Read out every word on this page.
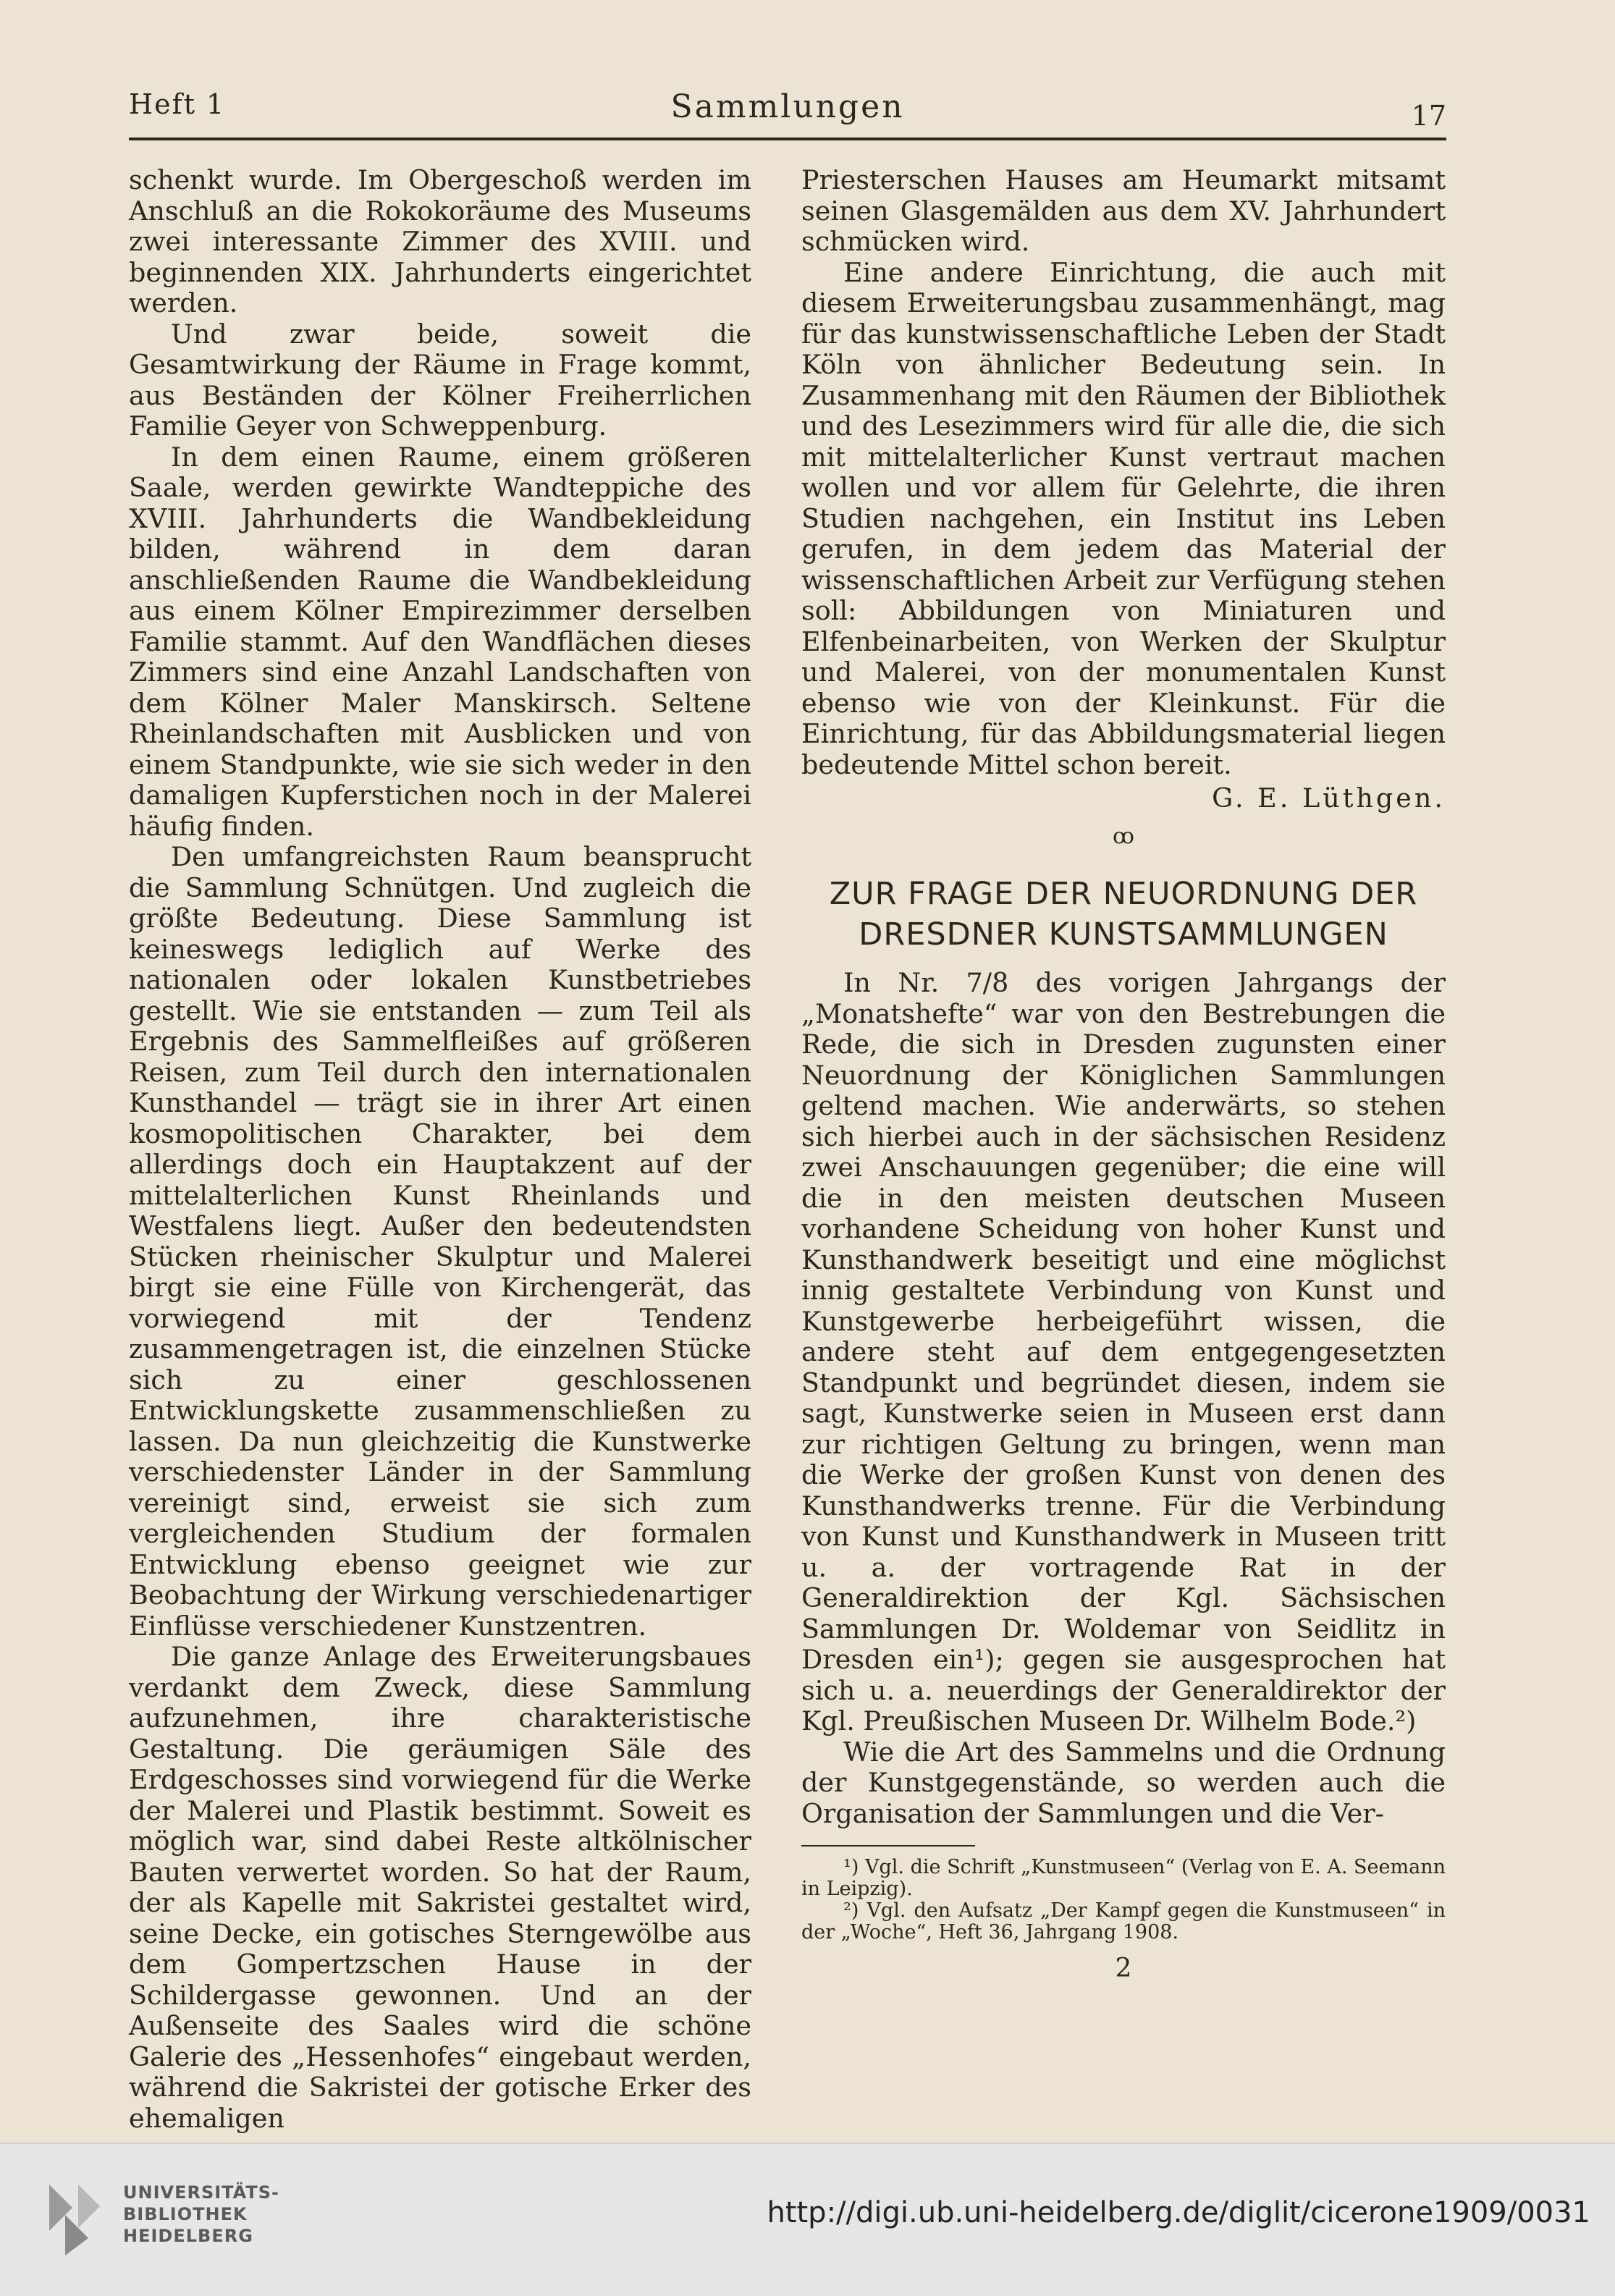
Heft 1	Sammlungen	17

schenkt wurde. Im Obergeschoß werden im Anschluß an die Rokokoräume des Museums zwei interessante Zimmer des XVIII. und beginnenden XIX. Jahrhunderts eingerichtet werden.

Und zwar beide, soweit die Gesamtwirkung der Räume in Frage kommt, aus Beständen der Kölner Freiherrlichen Familie Geyer von Schweppenburg.

In dem einen Raume, einem größeren Saale, werden gewirkte Wandteppiche des XVIII. Jahrhunderts die Wandbekleidung bilden, während in dem daran anschließenden Raume die Wandbekleidung aus einem Kölner Empirezimmer derselben Familie stammt. Auf den Wandflächen dieses Zimmers sind eine Anzahl Landschaften von dem Kölner Maler Manskirsch. Seltene Rheinlandschaften mit Ausblicken und von einem Standpunkte, wie sie sich weder in den damaligen Kupferstichen noch in der Malerei häufig finden.

Den umfangreichsten Raum beansprucht die Sammlung Schnütgen. Und zugleich die größte Bedeutung. Diese Sammlung ist keineswegs lediglich auf Werke des nationalen oder lokalen Kunstbetriebes gestellt. Wie sie entstanden — zum Teil als Ergebnis des Sammelfleißes auf größeren Reisen, zum Teil durch den internationalen Kunsthandel — trägt sie in ihrer Art einen kosmopolitischen Charakter, bei dem allerdings doch ein Hauptakzent auf der mittelalterlichen Kunst Rheinlands und Westfalens liegt. Außer den bedeutendsten Stücken rheinischer Skulptur und Malerei birgt sie eine Fülle von Kirchengerät, das vorwiegend mit der Tendenz zusammengetragen ist, die einzelnen Stücke sich zu einer geschlossenen Entwicklungskette zusammenschließen zu lassen. Da nun gleichzeitig die Kunstwerke verschiedenster Länder in der Sammlung vereinigt sind, erweist sie sich zum vergleichenden Studium der formalen Entwicklung ebenso geeignet wie zur Beobachtung der Wirkung verschiedenartiger Einflüsse verschiedener Kunstzentren.

Die ganze Anlage des Erweiterungsbaues verdankt dem Zweck, diese Sammlung aufzunehmen, ihre charakteristische Gestaltung. Die geräumigen Säle des Erdgeschosses sind vorwiegend für die Werke der Malerei und Plastik bestimmt. Soweit es möglich war, sind dabei Reste altkölnischer Bauten verwertet worden. So hat der Raum, der als Kapelle mit Sakristei gestaltet wird, seine Decke, ein gotisches Sterngewölbe aus dem Gompertzschen Hause in der Schildergasse gewonnen. Und an der Außenseite des Saales wird die schöne Galerie des „Hessenhofes“ eingebaut werden, während die Sakristei der gotische Erker des ehemaligen

Priesterschen Hauses am Heumarkt mitsamt seinen Glasgemälden aus dem XV. Jahrhundert schmücken wird.

Eine andere Einrichtung, die auch mit diesem Erweiterungsbau zusammenhängt, mag für das kunstwissenschaftliche Leben der Stadt Köln von ähnlicher Bedeutung sein. In Zusammenhang mit den Räumen der Bibliothek und des Lesezimmers wird für alle die, die sich mit mittelalterlicher Kunst vertraut machen wollen und vor allem für Gelehrte, die ihren Studien nachgehen, ein Institut ins Leben gerufen, in dem jedem das Material der wissenschaftlichen Arbeit zur Verfügung stehen soll: Abbildungen von Miniaturen und Elfenbeinarbeiten, von Werken der Skulptur und Malerei, von der monumentalen Kunst ebenso wie von der Kleinkunst. Für die Einrichtung, für das Abbildungsmaterial liegen bedeutende Mittel schon bereit.

G. E. Lüthgen.
ꝏ
ZUR FRAGE DER NEUORDNUNG DER
DRESDNER KUNSTSAMMLUNGEN

In Nr. 7/8 des vorigen Jahrgangs der „Monatshefte“ war von den Bestrebungen die Rede, die sich in Dresden zugunsten einer Neuordnung der Königlichen Sammlungen geltend machen. Wie anderwärts, so stehen sich hierbei auch in der sächsischen Residenz zwei Anschauungen gegenüber; die eine will die in den meisten deutschen Museen vorhandene Scheidung von hoher Kunst und Kunsthandwerk beseitigt und eine möglichst innig gestaltete Verbindung von Kunst und Kunstgewerbe herbeigeführt wissen, die andere steht auf dem entgegengesetzten Standpunkt und begründet diesen, indem sie sagt, Kunstwerke seien in Museen erst dann zur richtigen Geltung zu bringen, wenn man die Werke der großen Kunst von denen des Kunsthandwerks trenne. Für die Verbindung von Kunst und Kunsthandwerk in Museen tritt u. a. der vortragende Rat in der Generaldirektion der Kgl. Sächsischen Sammlungen Dr. Woldemar von Seidlitz in Dresden ein¹); gegen sie ausgesprochen hat sich u. a. neuerdings der Generaldirektor der Kgl. Preußischen Museen Dr. Wilhelm Bode.²)

Wie die Art des Sammelns und die Ordnung der Kunstgegenstände, so werden auch die Organisation der Sammlungen und die Ver-

¹) Vgl. die Schrift „Kunstmuseen“ (Verlag von E. A. Seemann in Leipzig).

²) Vgl. den Aufsatz „Der Kampf gegen die Kunstmuseen“ in der „Woche“, Heft 36, Jahrgang 1908.

2
UNIVERSITÄTS-
BIBLIOTHEK
HEIDELBERG
http://digi.ub.uni-heidelberg.de/diglit/cicerone1909/0031
